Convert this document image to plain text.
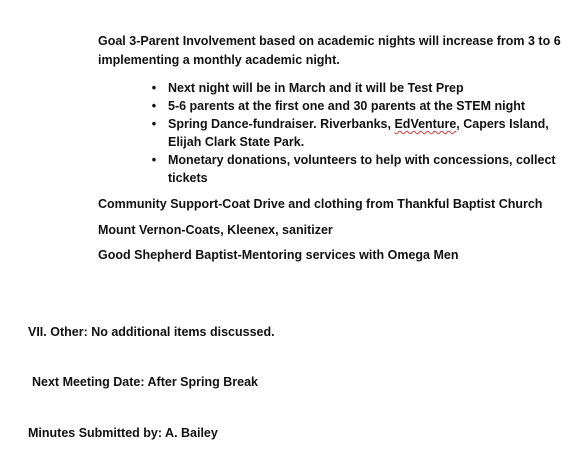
Goal 3-Parent Involvement based on academic nights will increase from 3 to 6
implementing a monthly academic night.
• Next night will be in March and it will be Test Prep
• 5-6 parents at the first one and 30 parents at the STEM night
• Spring Dance-fundraiser. Riverbanks, EdVenture, Capers Island, Elijah Clark State Park.
• Monetary donations, volunteers to help with concessions, collect tickets
Community Support-Coat Drive and clothing from Thankful Baptist Church
Mount Vernon-Coats, Kleenex, sanitizer
Good Shepherd Baptist-Mentoring services with Omega Men
VII. Other: No additional items discussed.
Next Meeting Date: After Spring Break
Minutes Submitted by: A. Bailey
